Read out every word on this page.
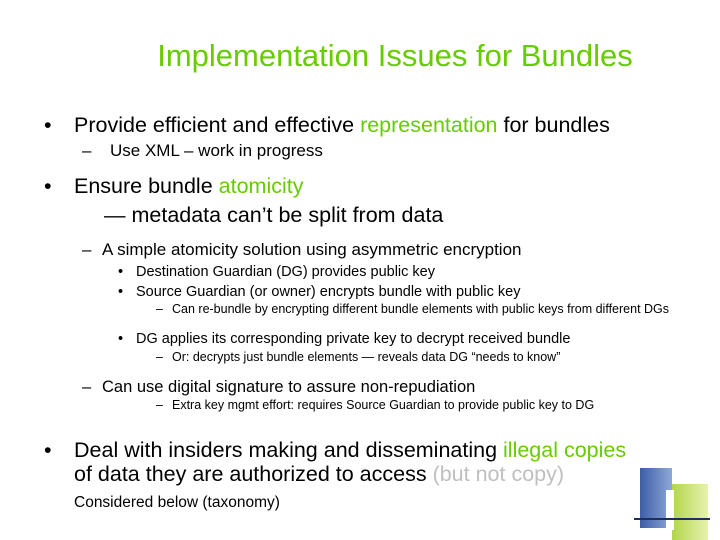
Implementation Issues for Bundles
• Provide efficient and effective representation for bundles
– Use XML – work in progress
• Ensure bundle atomicity
— metadata can’t be split from data
– A simple atomicity solution using asymmetric encryption
• Destination Guardian (DG) provides public key
• Source Guardian (or owner) encrypts bundle with public key
– Can re-bundle by encrypting different bundle elements with public keys from different DGs
• DG applies its corresponding private key to decrypt received bundle
– Or: decrypts just bundle elements — reveals data DG “needs to know”
– Can use digital signature to assure non-repudiation
– Extra key mgmt effort: requires Source Guardian to provide public key to DG
• Deal with insiders making and disseminating illegal copies
of data they are authorized to access (but not copy)
Considered below (taxonomy)
